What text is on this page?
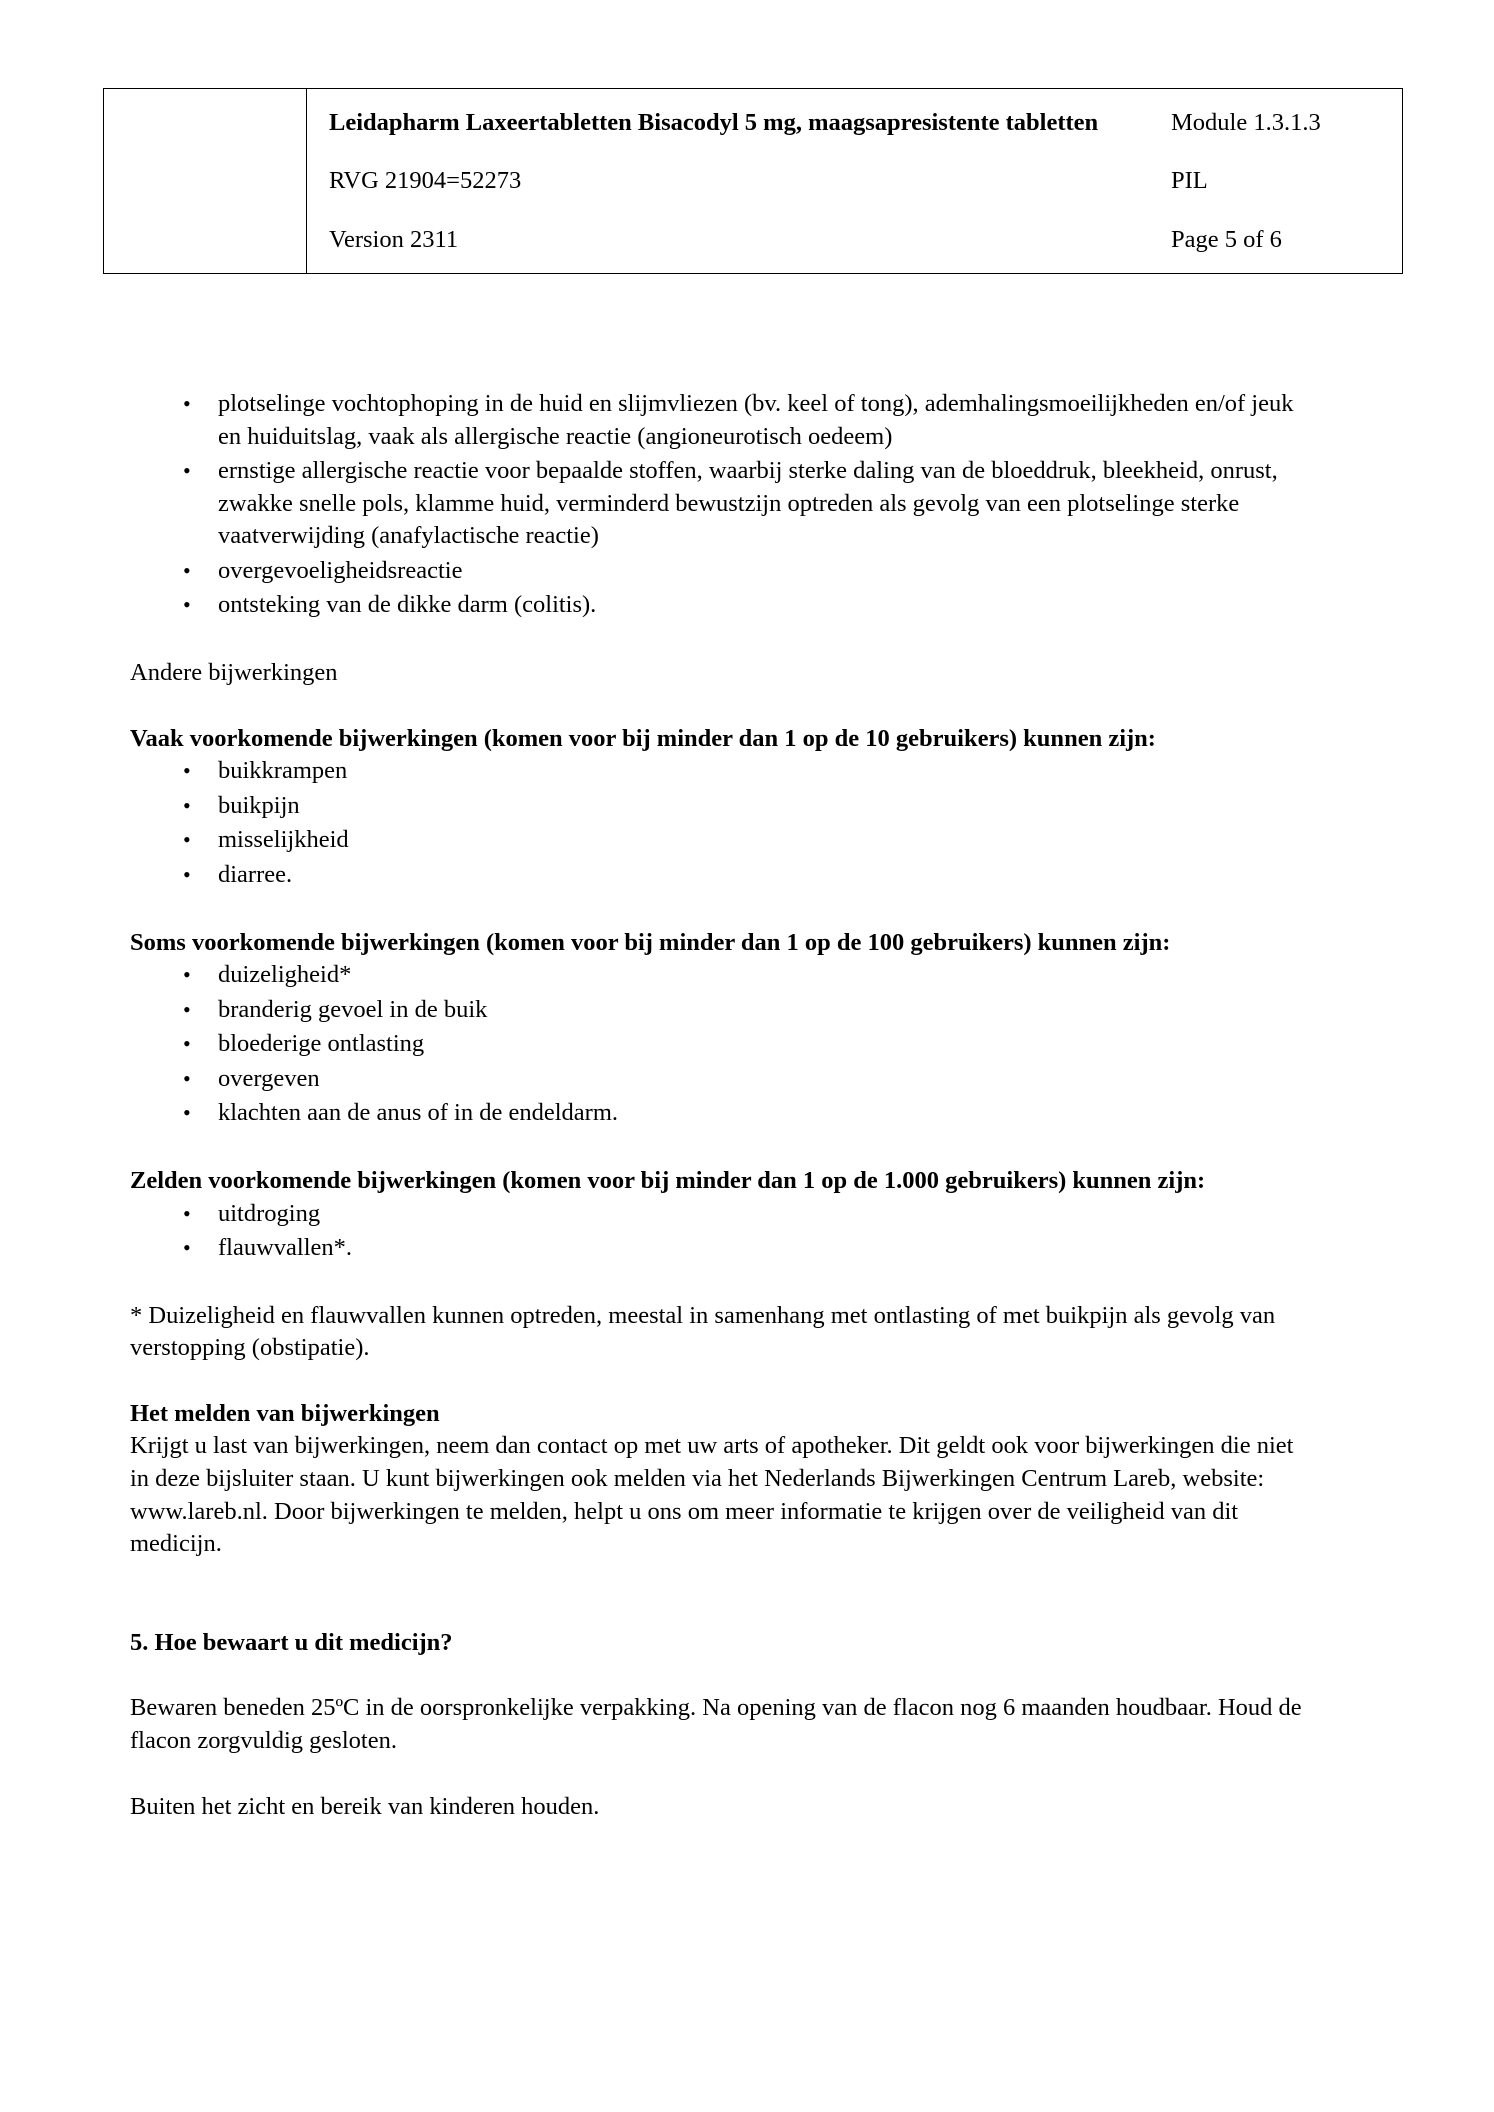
Leidapharm Laxeertabletten Bisacodyl 5 mg, maagsapresistente tabletten	Module 1.3.1.3
RVG 21904=52273	PIL
Version 2311	Page 5 of 6
• plotselinge vochtophoping in de huid en slijmvliezen (bv. keel of tong), ademhalingsmoeilijkheden en/of jeuk en huiduitslag, vaak als allergische reactie (angioneurotisch oedeem)
• ernstige allergische reactie voor bepaalde stoffen, waarbij sterke daling van de bloeddruk, bleekheid, onrust, zwakke snelle pols, klamme huid, verminderd bewustzijn optreden als gevolg van een plotselinge sterke vaatverwijding (anafylactische reactie)
• overgevoeligheidsreactie
• ontsteking van de dikke darm (colitis).

Andere bijwerkingen

Vaak voorkomende bijwerkingen (komen voor bij minder dan 1 op de 10 gebruikers) kunnen zijn:

• buikkrampen
• buikpijn
• misselijkheid
• diarree.

Soms voorkomende bijwerkingen (komen voor bij minder dan 1 op de 100 gebruikers) kunnen zijn:

• duizeligheid*
• branderig gevoel in de buik
• bloederige ontlasting
• overgeven
• klachten aan de anus of in de endeldarm.

Zelden voorkomende bijwerkingen (komen voor bij minder dan 1 op de 1.000 gebruikers) kunnen zijn:

• uitdroging
• flauwvallen*.

* Duizeligheid en flauwvallen kunnen optreden, meestal in samenhang met ontlasting of met buikpijn als gevolg van verstopping (obstipatie).

Het melden van bijwerkingen

Krijgt u last van bijwerkingen, neem dan contact op met uw arts of apotheker. Dit geldt ook voor bijwerkingen die niet in deze bijsluiter staan. U kunt bijwerkingen ook melden via het Nederlands Bijwerkingen Centrum Lareb, website: www.lareb.nl. Door bijwerkingen te melden, helpt u ons om meer informatie te krijgen over de veiligheid van dit medicijn.

5. Hoe bewaart u dit medicijn?

Bewaren beneden 25ºC in de oorspronkelijke verpakking. Na opening van de flacon nog 6 maanden houdbaar. Houd de flacon zorgvuldig gesloten.

Buiten het zicht en bereik van kinderen houden.
